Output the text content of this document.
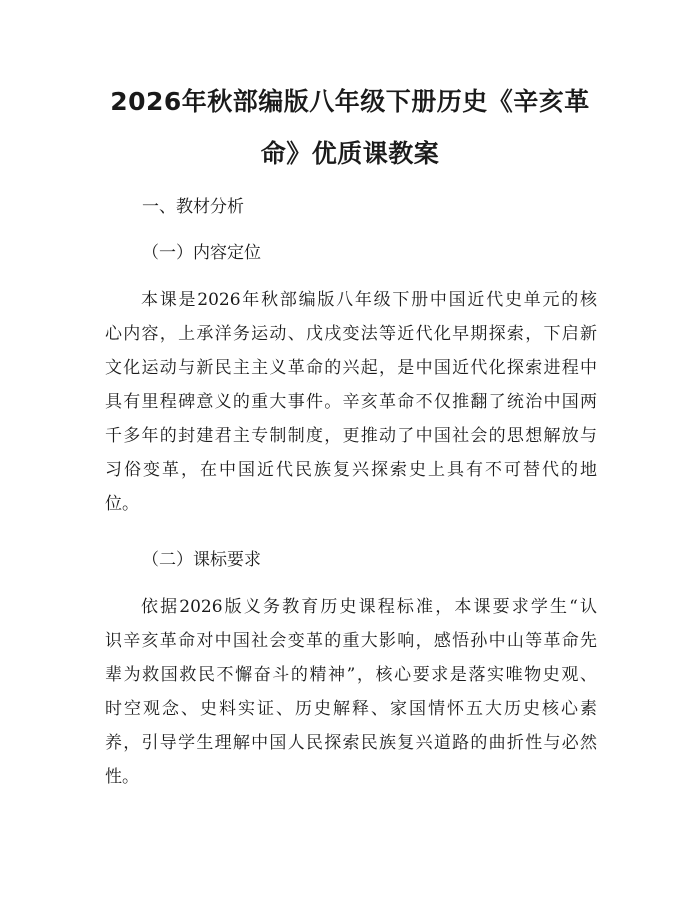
2026年秋部编版八年级下册历史《辛亥革
命》优质课教案

一、教材分析

（一）内容定位

本课是2026年秋部编版八年级下册中国近代史单元的核
心内容，上承洋务运动、戊戌变法等近代化早期探索，下启新
文化运动与新民主主义革命的兴起，是中国近代化探索进程中
具有里程碑意义的重大事件。辛亥革命不仅推翻了统治中国两
千多年的封建君主专制制度，更推动了中国社会的思想解放与
习俗变革，在中国近代民族复兴探索史上具有不可替代的地
位。

（二）课标要求

依据2026版义务教育历史课程标准，本课要求学生“认
识辛亥革命对中国社会变革的重大影响，感悟孙中山等革命先
辈为救国救民不懈奋斗的精神”，核心要求是落实唯物史观、
时空观念、史料实证、历史解释、家国情怀五大历史核心素
养，引导学生理解中国人民探索民族复兴道路的曲折性与必然
性。
